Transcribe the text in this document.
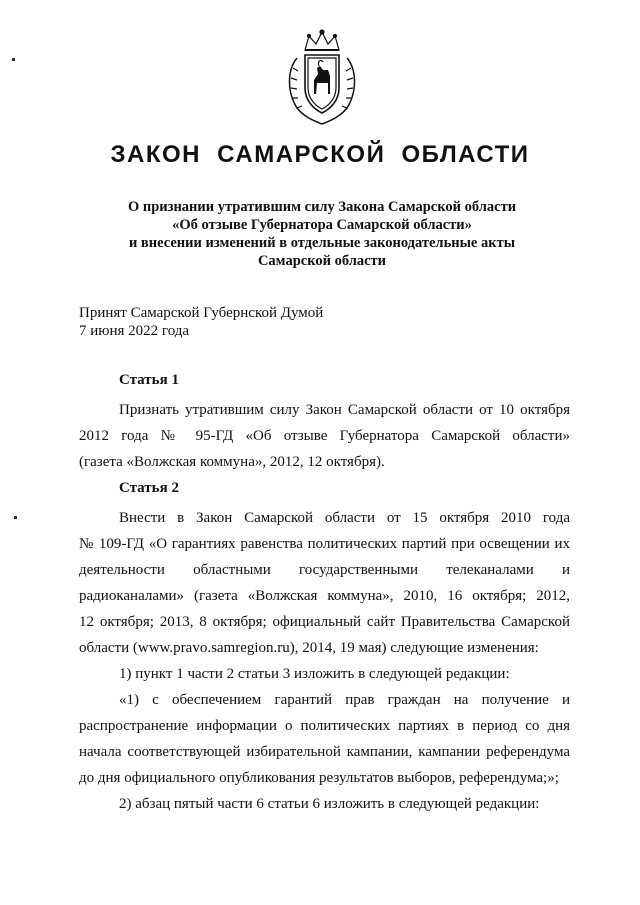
ЗАКОН САМАРСКОЙ ОБЛАСТИ
О признании утратившим силу Закона Самарской области
«Об отзыве Губернатора Самарской области»
и внесении изменений в отдельные законодательные акты
Самарской области
Принят Самарской Губернской Думой
7 июня 2022 года
Статья 1
Признать утратившим силу Закон Самарской области от 10 октября
2012 года № 95-ГД «Об отзыве Губернатора Самарской области»
(газета «Волжская коммуна», 2012, 12 октября).
Статья 2
Внести в Закон Самарской области от 15 октября 2010 года
№ 109-ГД «О гарантиях равенства политических партий при освещении их
деятельности областными государственными телеканалами и
радиоканалами» (газета «Волжская коммуна», 2010, 16 октября; 2012,
12 октября; 2013, 8 октября; официальный сайт Правительства Самарской
области (www.pravo.samregion.ru), 2014, 19 мая) следующие изменения:
1) пункт 1 части 2 статьи 3 изложить в следующей редакции:
«1) с обеспечением гарантий прав граждан на получение и
распространение информации о политических партиях в период со дня
начала соответствующей избирательной кампании, кампании референдума
до дня официального опубликования результатов выборов, референдума;»;
2) абзац пятый части 6 статьи 6 изложить в следующей редакции:
